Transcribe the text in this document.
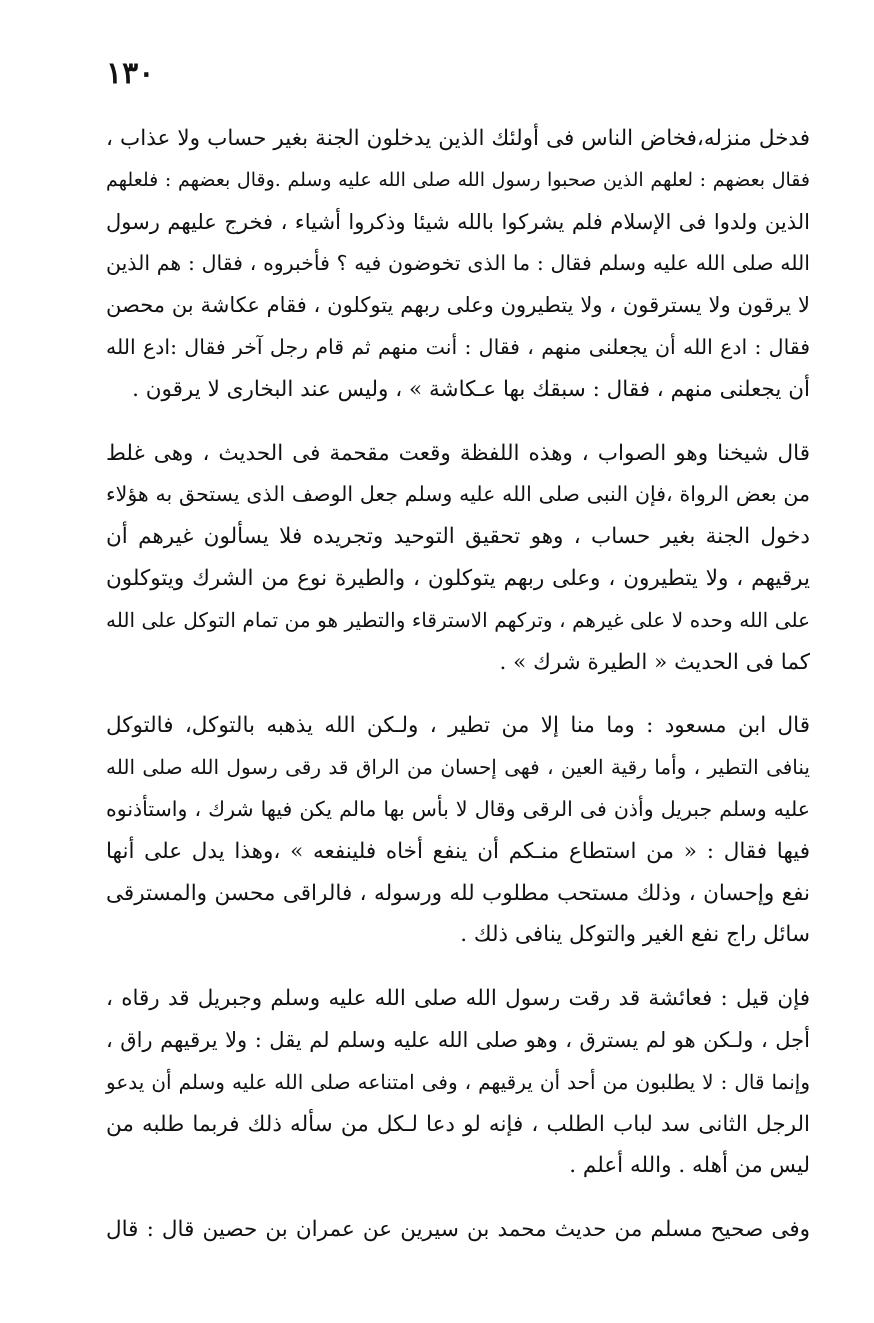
١٣٠

فدخل منزله،فخاض الناس فى أولئك الذين يدخلون الجنة بغير حساب ولا عذاب ،
فقال بعضهم : لعلهم الذين صحبوا رسول الله صلى الله عليه وسلم .وقال بعضهم : فلعلهم
الذين ولدوا فى الإسلام فلم يشركوا بالله شيئا وذكروا أشياء ، فخرج عليهم رسول
الله صلى الله عليه وسلم فقال : ما الذى تخوضون فيه ؟ فأخبروه ، فقال : هم الذين
لا يرقون ولا يسترقون ، ولا يتطيرون وعلى ربهم يتوكلون ، فقام عكاشة بن محصن
فقال : ادع الله أن يجعلنى منهم ، فقال : أنت منهم ثم قام رجل آخر فقال :ادع الله
أن يجعلنى منهم ، فقال : سبقك بها عـكاشة » ، وليس عند البخارى لا يرقون .

قال شيخنا وهو الصواب ، وهذه اللفظة وقعت مقحمة فى الحديث ، وهى غلط
من بعض الرواة ،فإن النبى صلى الله عليه وسلم جعل الوصف الذى يستحق به هؤلاء
دخول الجنة بغير حساب ، وهو تحقيق التوحيد وتجريده فلا يسألون غيرهم أن
يرقيهم ، ولا يتطيرون ، وعلى ربهم يتوكلون ، والطيرة نوع من الشرك ويتوكلون
على الله وحده لا على غيرهم ، وتركهم الاسترقاء والتطير هو من تمام التوكل على الله
كما فى الحديث « الطيرة شرك » .

قال ابن مسعود : وما منا إلا من تطير ، ولـكن الله يذهبه بالتوكل، فالتوكل
ينافى التطير ، وأما رقية العين ، فهى إحسان من الراق قد رقى رسول الله صلى الله
عليه وسلم جبريل وأذن فى الرقى وقال لا بأس بها مالم يكن فيها شرك ، واستأذنوه
فيها فقال : « من استطاع منـكم أن ينفع أخاه فلينفعه » ،وهذا يدل على أنها
نفع وإحسان ، وذلك مستحب مطلوب لله ورسوله ، فالراقى محسن والمسترقى
سائل راج نفع الغير والتوكل ينافى ذلك .

فإن قيل : فعائشة قد رقت رسول الله صلى الله عليه وسلم وجبريل قد رقاه ،
أجل ، ولـكن هو لم يسترق ، وهو صلى الله عليه وسلم لم يقل : ولا يرقيهم راق ،
وإنما قال : لا يطلبون من أحد أن يرقيهم ، وفى امتناعه صلى الله عليه وسلم أن يدعو
الرجل الثانى سد لباب الطلب ، فإنه لو دعا لـكل من سأله ذلك فربما طلبه من
ليس من أهله . والله أعلم .

وفى صحيح مسلم من حديث محمد بن سيرين عن عمران بن حصين قال : قال
